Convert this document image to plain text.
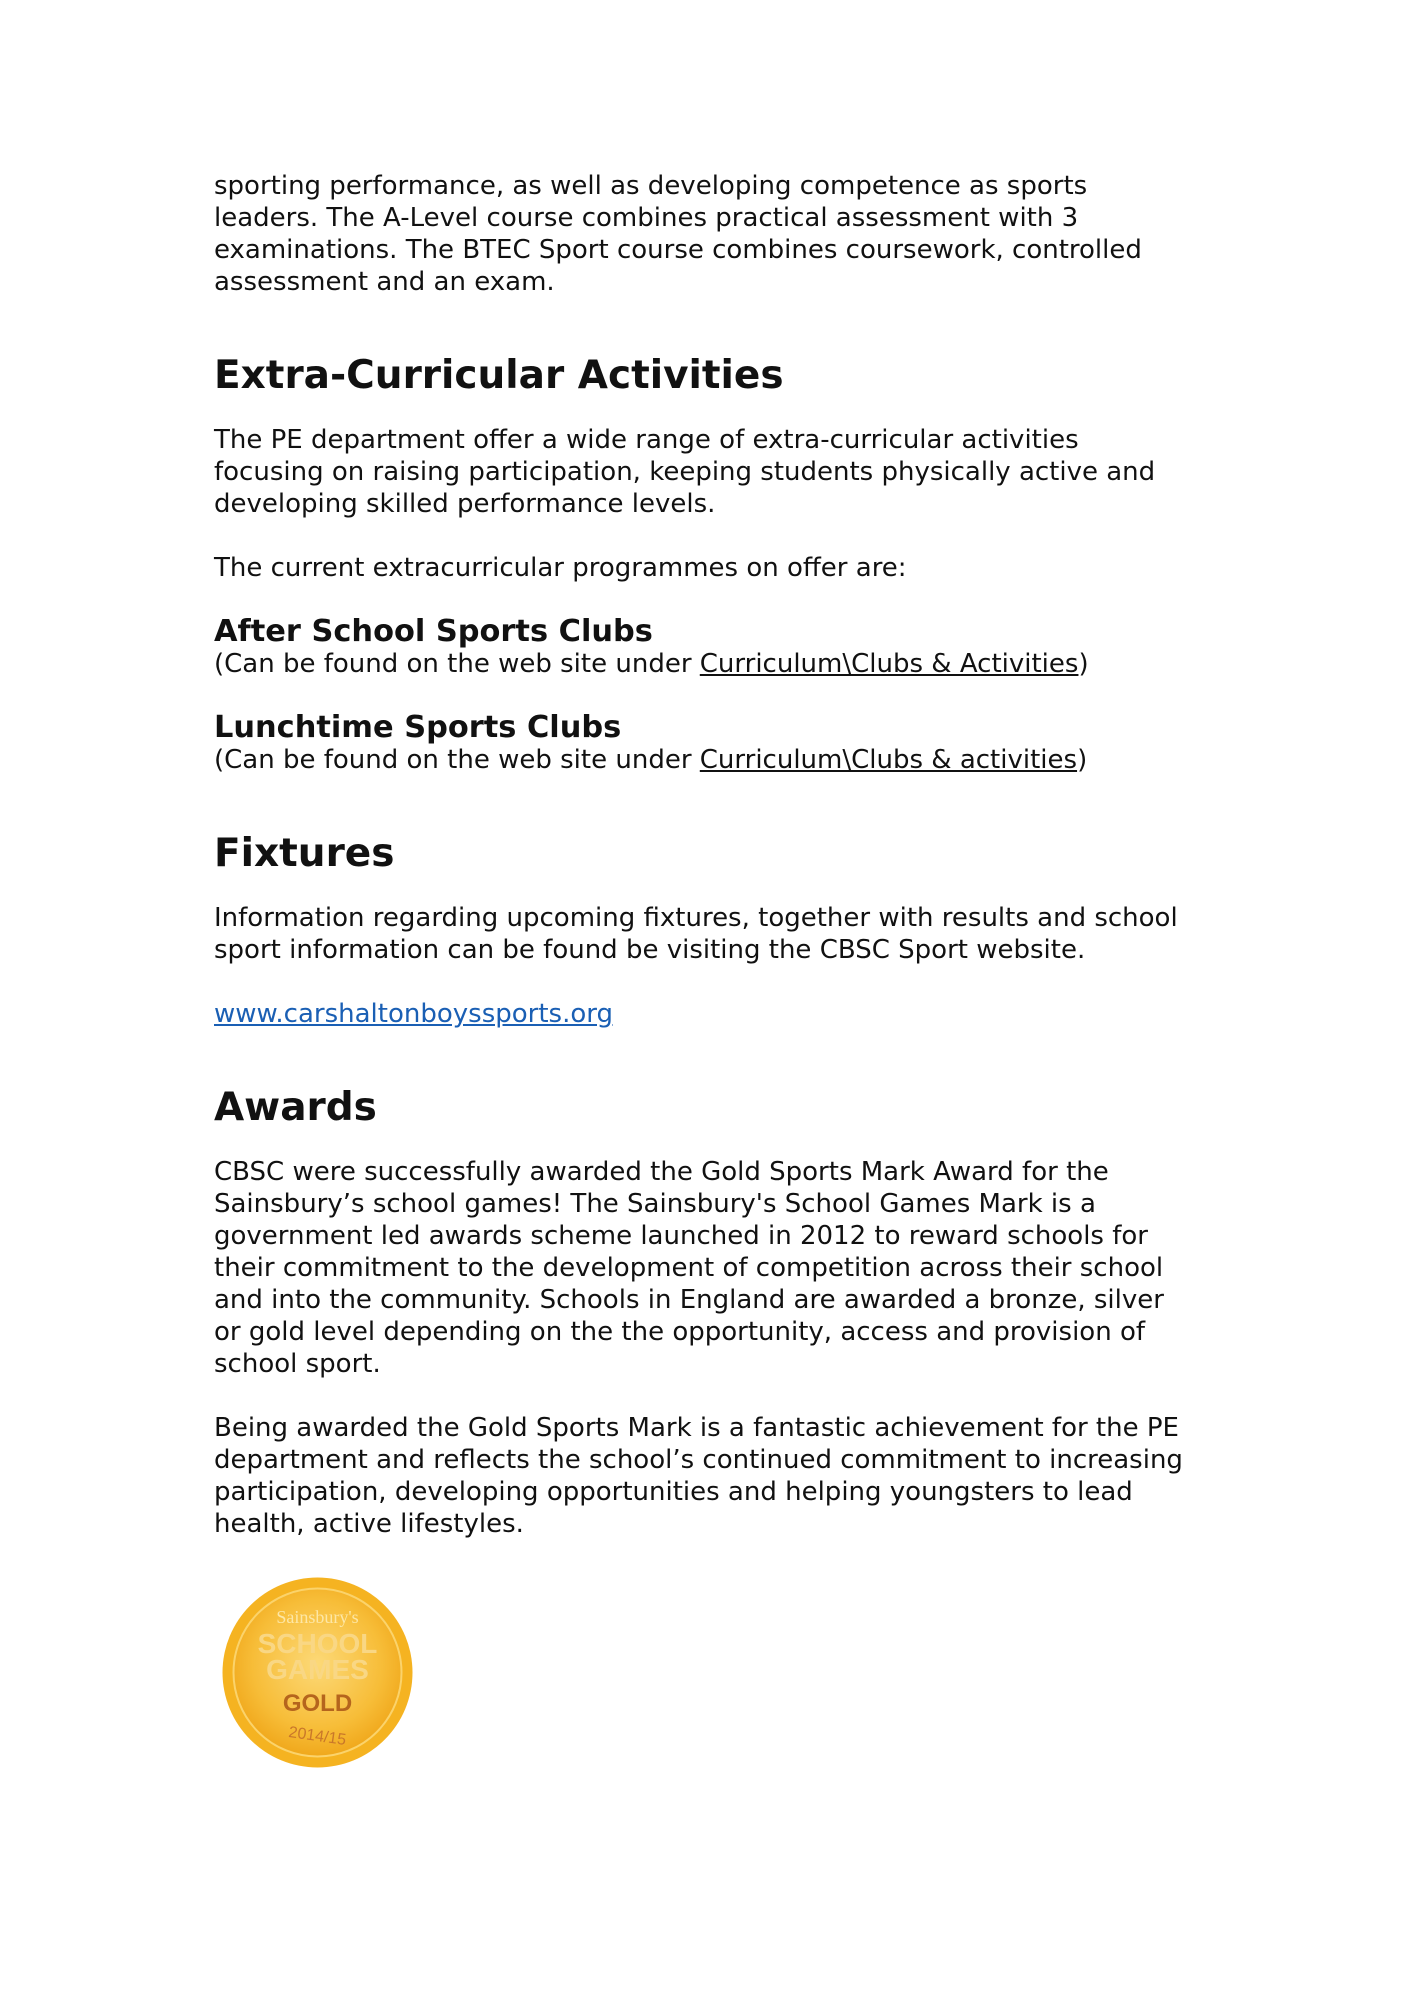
sporting performance, as well as developing competence as sports

leaders. The A-Level course combines practical assessment with 3

examinations. The BTEC Sport course combines coursework, controlled

assessment and an exam.

Extra-Curricular Activities

The PE department offer a wide range of extra-curricular activities

focusing on raising participation, keeping students physically active and

developing skilled performance levels.

The current extracurricular programmes on offer are:

After School Sports Clubs

(Can be found on the web site under Curriculum\Clubs & Activities)

Lunchtime Sports Clubs

(Can be found on the web site under Curriculum\Clubs & activities)

Fixtures

Information regarding upcoming fixtures, together with results and school

sport information can be found be visiting the CBSC Sport website.

www.carshaltonboyssports.org

Awards

CBSC were successfully awarded the Gold Sports Mark Award for the

Sainsbury’s school games! The Sainsbury's School Games Mark is a

government led awards scheme launched in 2012 to reward schools for

their commitment to the development of competition across their school

and into the community. Schools in England are awarded a bronze, silver

or gold level depending on the the opportunity, access and provision of

school sport.

Being awarded the Gold Sports Mark is a fantastic achievement for the PE

department and reflects the school’s continued commitment to increasing

participation, developing opportunities and helping youngsters to lead

health, active lifestyles.

Sainsbury's
SCHOOL
GAMES
GOLD
2014/15
